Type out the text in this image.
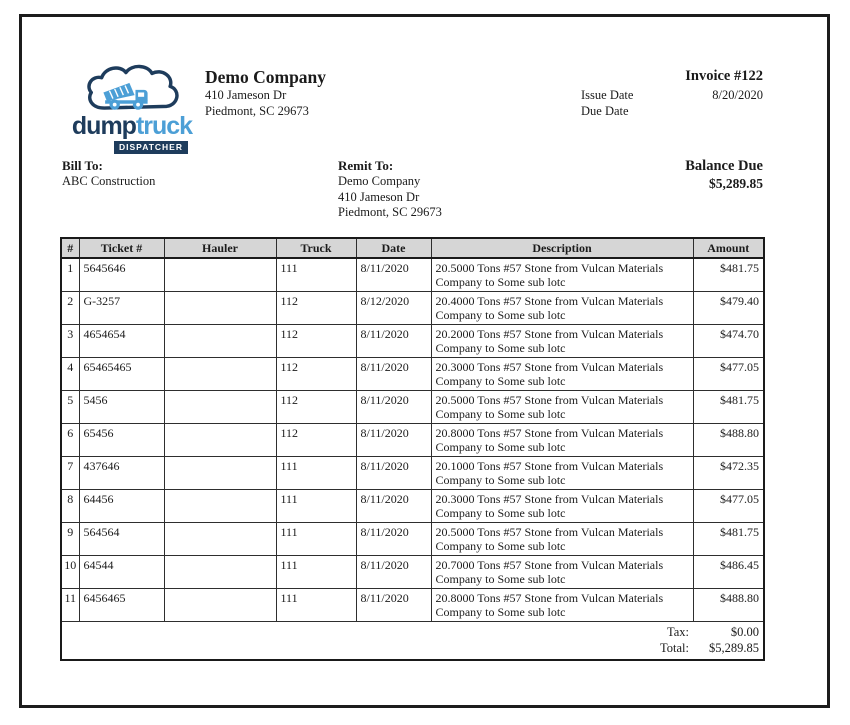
dumptruck
DISPATCHER
Demo Company
410 Jameson Dr
Piedmont, SC 29673
Invoice #122
Issue Date	8/20/2020
Due Date
Bill To:
ABC Construction
Remit To:
Demo Company
410 Jameson Dr
Piedmont, SC 29673
Balance Due
$5,289.85
#	Ticket #	Hauler	Truck	Date	Description	Amount
1	5645646		111	8/11/2020	20.5000 Tons #57 Stone from Vulcan Materials Company to Some sub lotc	$481.75
2	G-3257		112	8/12/2020	20.4000 Tons #57 Stone from Vulcan Materials Company to Some sub lotc	$479.40
3	4654654		112	8/11/2020	20.2000 Tons #57 Stone from Vulcan Materials Company to Some sub lotc	$474.70
4	65465465		112	8/11/2020	20.3000 Tons #57 Stone from Vulcan Materials Company to Some sub lotc	$477.05
5	5456		112	8/11/2020	20.5000 Tons #57 Stone from Vulcan Materials Company to Some sub lotc	$481.75
6	65456		112	8/11/2020	20.8000 Tons #57 Stone from Vulcan Materials Company to Some sub lotc	$488.80
7	437646		111	8/11/2020	20.1000 Tons #57 Stone from Vulcan Materials Company to Some sub lotc	$472.35
8	64456		111	8/11/2020	20.3000 Tons #57 Stone from Vulcan Materials Company to Some sub lotc	$477.05
9	564564		111	8/11/2020	20.5000 Tons #57 Stone from Vulcan Materials Company to Some sub lotc	$481.75
10	64544		111	8/11/2020	20.7000 Tons #57 Stone from Vulcan Materials Company to Some sub lotc	$486.45
11	6456465		111	8/11/2020	20.8000 Tons #57 Stone from Vulcan Materials Company to Some sub lotc	$488.80
Tax:						$0.00
Total:						$5,289.85
